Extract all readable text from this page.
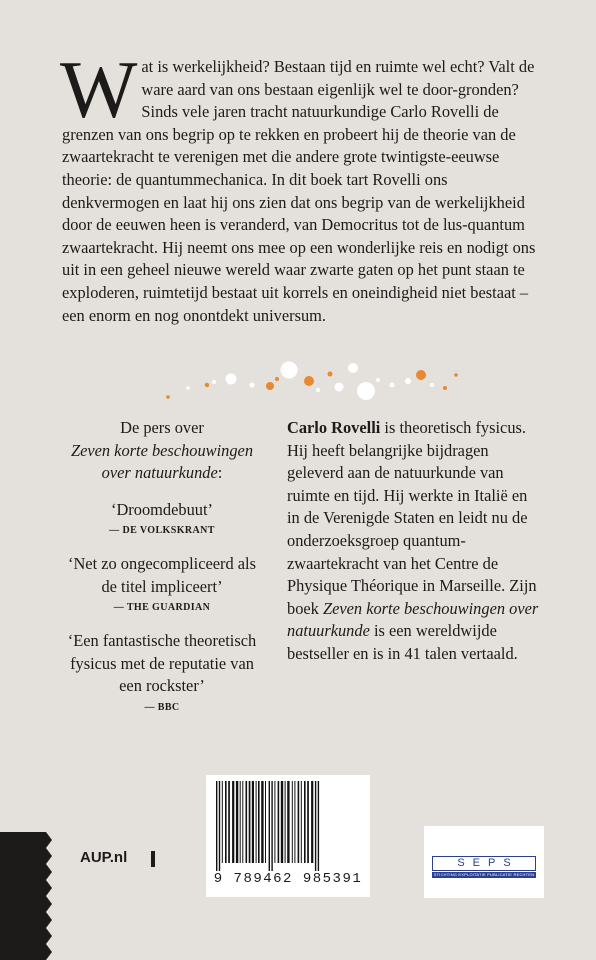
Wat is werkelijkheid? Bestaan tijd en ruimte wel echt? Valt de ware aard van ons bestaan eigenlijk wel te door-gronden? Sinds vele jaren tracht natuurkundige Carlo Rovelli de grenzen van ons begrip op te rekken en probeert hij de theorie van de zwaartekracht te verenigen met die andere grote twintigste-eeuwse theorie: de quantummechanica. In dit boek tart Rovelli ons denkvermogen en laat hij ons zien dat ons begrip van de werkelijkheid door de eeuwen heen is veranderd, van Democritus tot de lus-quantum zwaartekracht. Hij neemt ons mee op een wonderlijke reis en nodigt ons uit in een geheel nieuwe wereld waar zwarte gaten op het punt staan te exploderen, ruimtetijd bestaat uit korrels en oneindigheid niet bestaat – een enorm en nog onontdekt universum.

De pers over
Zeven korte beschouwingen over natuurkunde:

‘Droomdebuut’

— DE VOLKSKRANT

‘Net zo ongecompliceerd als de titel impliceert’

— THE GUARDIAN

‘Een fantastische theoretisch fysicus met de reputatie van een rockster’

— BBC

Carlo Rovelli is theoretisch fysicus. Hij heeft belangrijke bijdragen geleverd aan de natuurkunde van ruimte en tijd. Hij werkte in Italië en in de Verenigde Staten en leidt nu de onderzoeksgroep quantum-zwaartekracht van het Centre de Physique Théorique in Marseille. Zijn boek Zeven korte beschouwingen over natuurkunde is een wereldwijde bestseller en is in 41 talen vertaald.
9 789462 985391
AUP.nl	SEPS
STICHTING EXPLOITATIE PUBLICATIE RECHTEN
